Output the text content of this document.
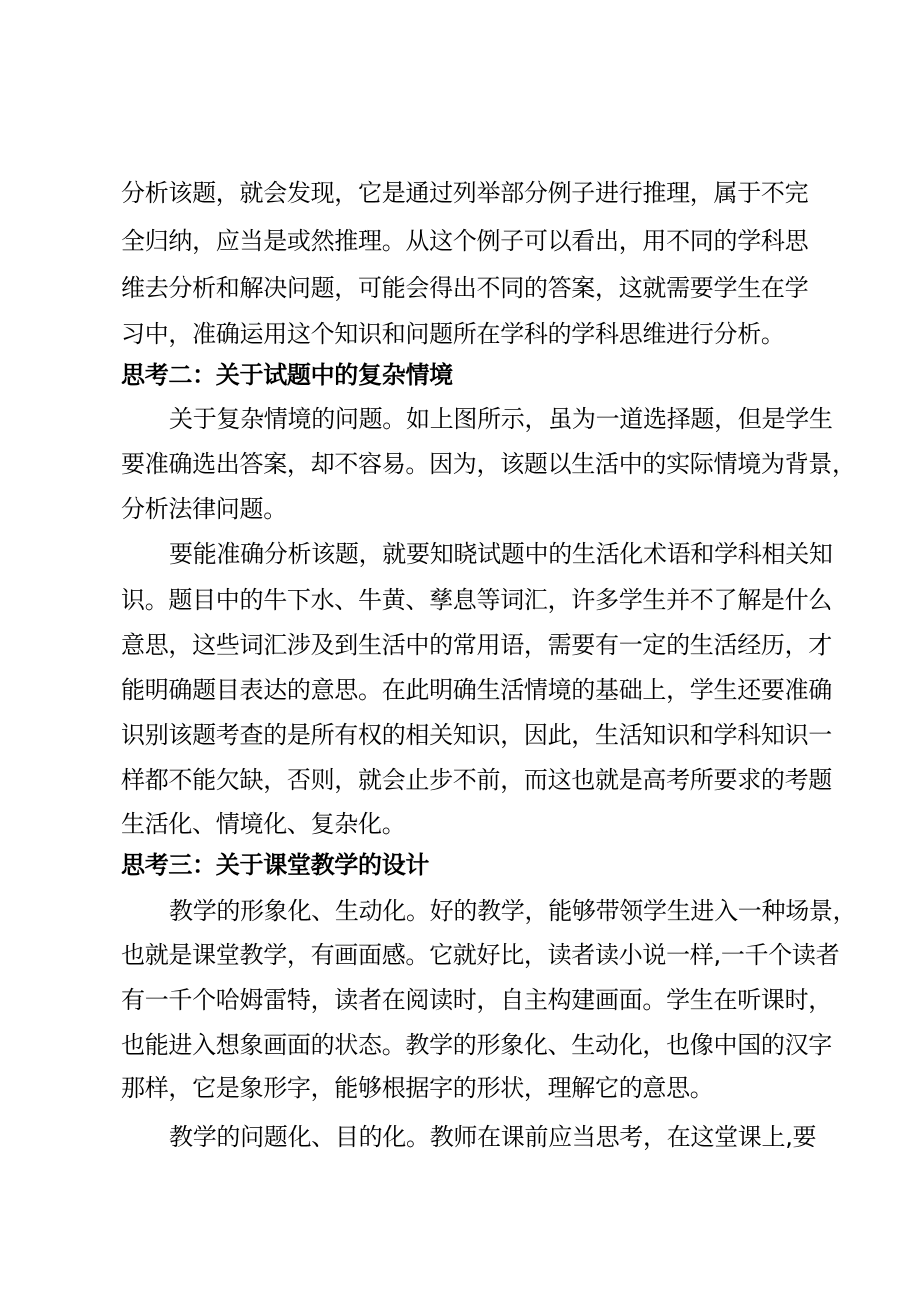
分析该题，就会发现，它是通过列举部分例子进行推理，属于不完
全归纳，应当是或然推理。从这个例子可以看出，用不同的学科思
维去分析和解决问题，可能会得出不同的答案，这就需要学生在学
习中，准确运用这个知识和问题所在学科的学科思维进行分析。
思考二：关于试题中的复杂情境
关于复杂情境的问题。如上图所示，虽为一道选择题，但是学生
要准确选出答案，却不容易。因为，该题以生活中的实际情境为背景，
分析法律问题。
要能准确分析该题，就要知晓试题中的生活化术语和学科相关知
识。题目中的牛下水、牛黄、孳息等词汇，许多学生并不了解是什么
意思，这些词汇涉及到生活中的常用语，需要有一定的生活经历，才
能明确题目表达的意思。在此明确生活情境的基础上，学生还要准确
识别该题考查的是所有权的相关知识，因此，生活知识和学科知识一
样都不能欠缺，否则，就会止步不前，而这也就是高考所要求的考题
生活化、情境化、复杂化。
思考三：关于课堂教学的设计
教学的形象化、生动化。好的教学，能够带领学生进入一种场景，
也就是课堂教学，有画面感。它就好比，读者读小说一样,一千个读者
有一千个哈姆雷特，读者在阅读时，自主构建画面。学生在听课时，
也能进入想象画面的状态。教学的形象化、生动化，也像中国的汉字
那样，它是象形字，能够根据字的形状，理解它的意思。
教学的问题化、目的化。教师在课前应当思考，在这堂课上,要
